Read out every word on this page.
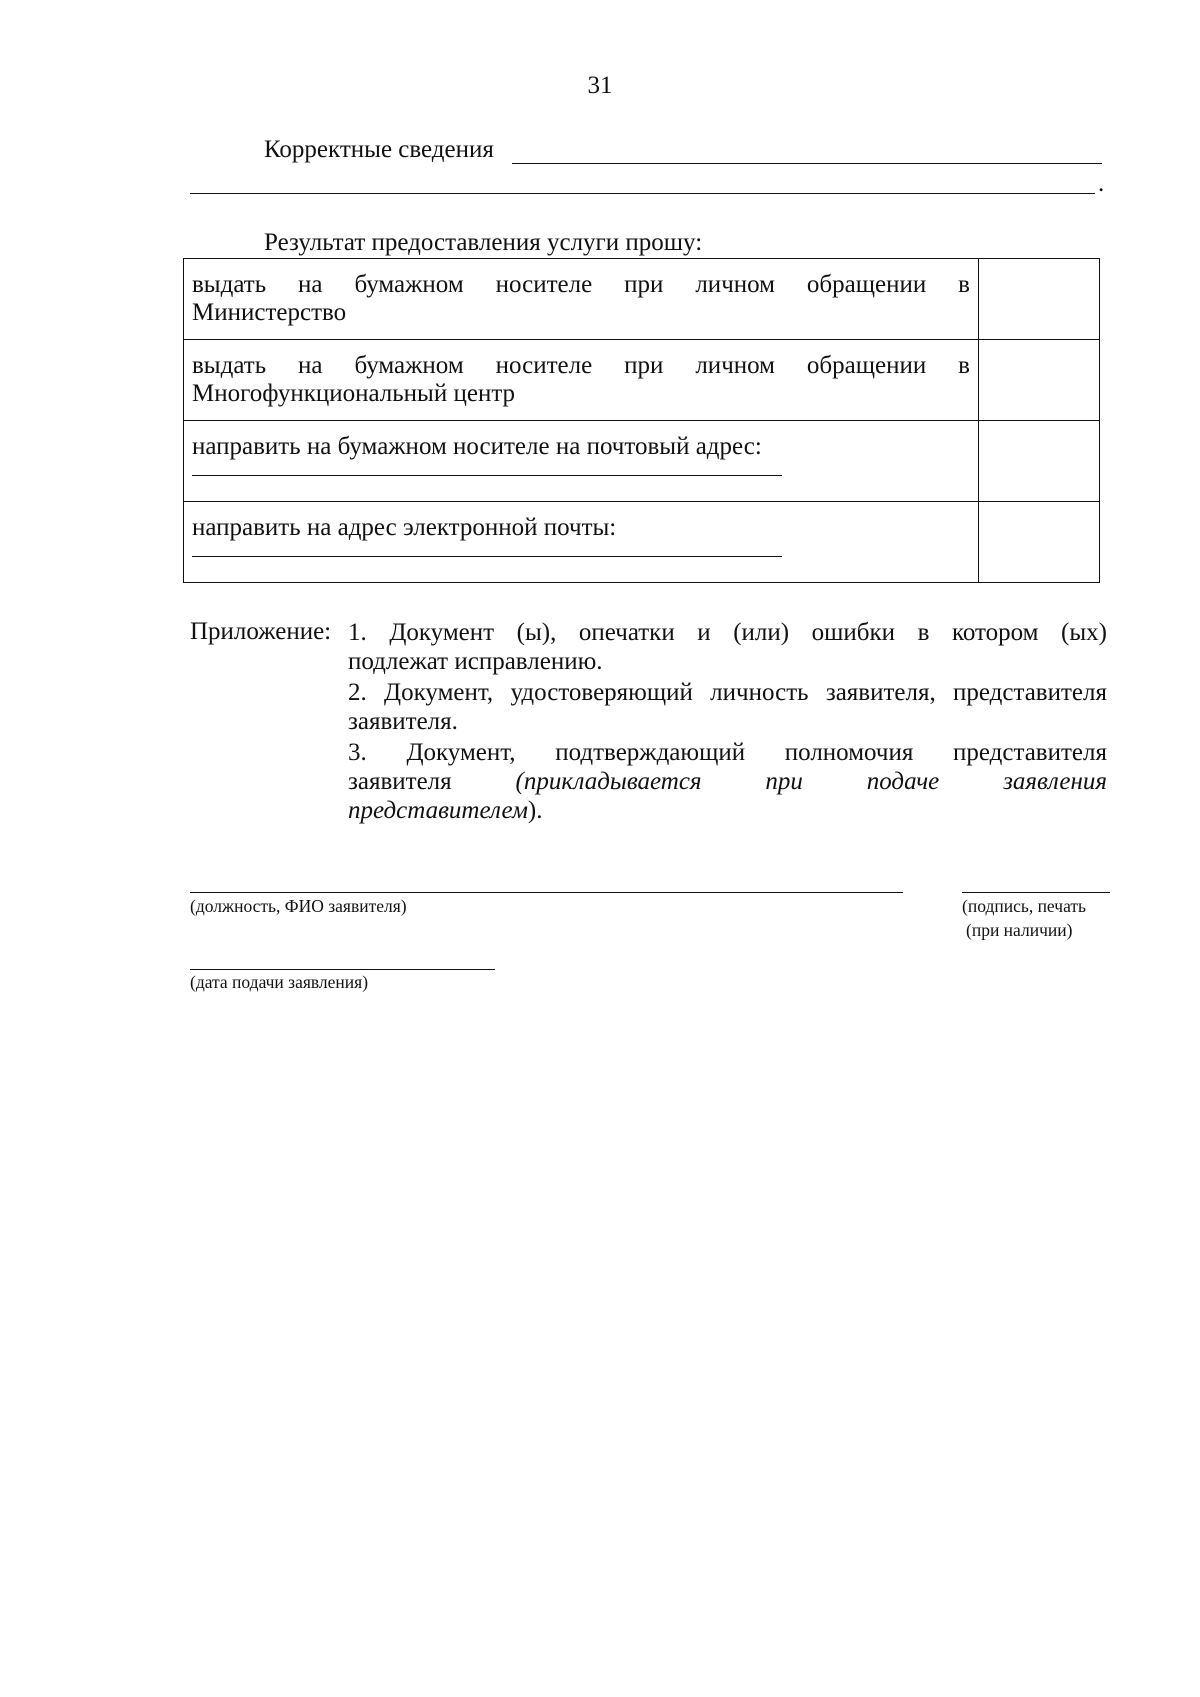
31
Корректные сведения
.
Результат предоставления услуги прошу:
выдать на бумажном носителе при личном обращении в
Министерство	

выдать на бумажном носителе при личном обращении в
Многофункциональный центр	
направить на бумажном носителе на почтовый адрес:

направить на адрес электронной почты:

Приложение: 1. Документ (ы), опечатки и (или) ошибки в котором (ых)
подлежат исправлению.
2. Документ, удостоверяющий личность заявителя, представителя
заявителя.
3. Документ, подтверждающий полномочия представителя
заявителя	(прикладывается при подаче заявления
представителем).
(должность, ФИО заявителя)	(подпись, печать
(при наличии)
(дата подачи заявления)
